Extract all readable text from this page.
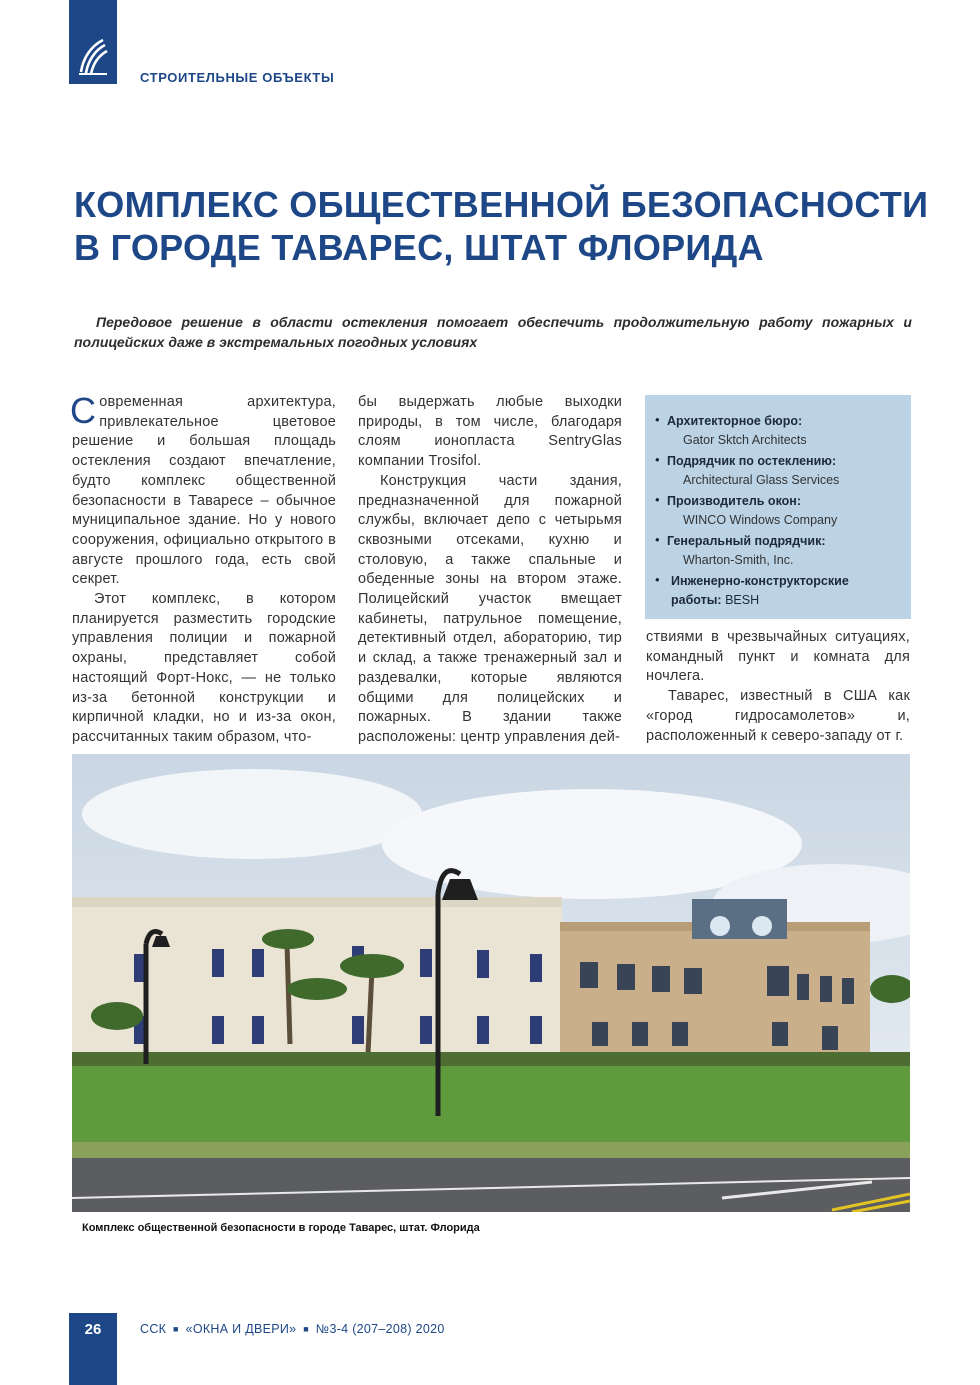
СТРОИТЕЛЬНЫЕ ОБЪЕКТЫ
КОМПЛЕКС ОБЩЕСТВЕННОЙ БЕЗОПАСНОСТИ
В ГОРОДЕ ТАВАРЕС, ШТАТ ФЛОРИДА
Передовое решение в области остекления помогает обеспечить продолжительную работу пожарных и полицейских даже в экстремальных погодных условиях

Современная архитектура, привлекательное цветовое решение и большая площадь остекления создают впечатление, будто комплекс общественной безопасности в Таваресе – обычное муниципальное здание. Но у нового сооружения, официально открытого в августе прошлого года, есть свой секрет.

Этот комплекс, в котором планируется разместить городские управления полиции и пожарной охраны, представляет собой настоящий Форт-Нокс, — не только из-за бетонной конструкции и кирпичной кладки, но и из-за окон, рассчитанных таким образом, что-

бы выдержать любые выходки природы, в том числе, благодаря слоям ионопласта SentryGlas компании Trosifol.

Конструкция части здания, предназначенной для пожарной службы, включает депо с четырьмя сквозными отсеками, кухню и столовую, а также спальные и обеденные зоны на втором этаже. Полицейский участок вмещает кабинеты, патрульное помещение, детективный отдел, абораторию, тир и склад, а также тренажерный зал и раздевалки, которые являются общими для полицейских и пожарных. В здании также расположены: центр управления дей-

• Архитекторное бюро:
Gator Sktch Architects
• Подрядчик по остеклению:
Architectural Glass Services
• Производитель окон:
WINCO Windows Company
• Генеральный подрядчик:
Wharton-Smith, Inc.
• Инженерно-конструкторские работы: BESH

ствиями в чрезвычайных ситуациях, командный пункт и комната для ночлега.

Таварес, известный в США как «город гидросамолетов» и, расположенный к северо-западу от г.

Комплекс общественной безопасности в городе Таварес, штат. Флорида
26	ССК ■ «ОКНА И ДВЕРИ» ■ №3-4 (207–208) 2020
